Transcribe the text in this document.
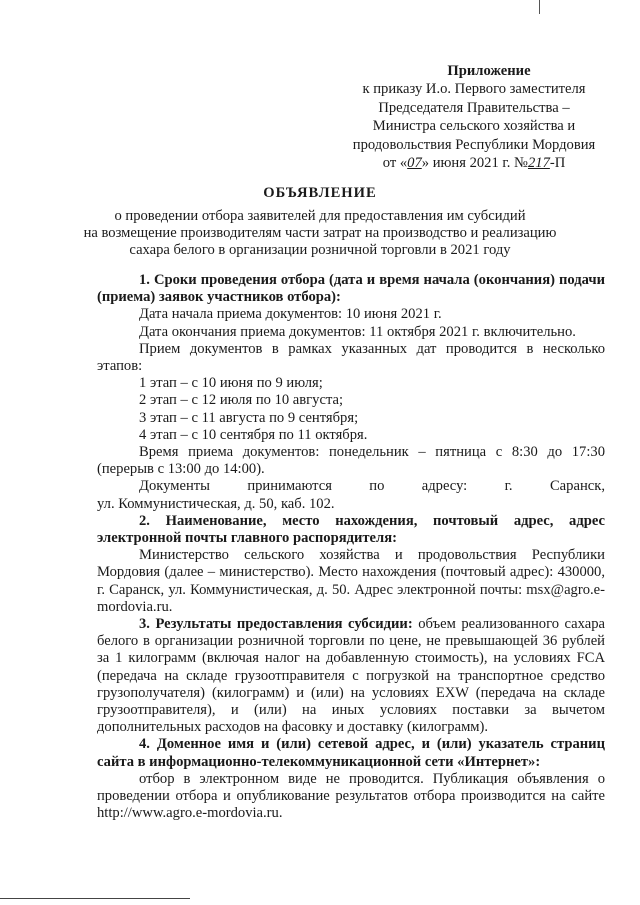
Приложение
к приказу И.о. Первого заместителя
Председателя Правительства –
Министра сельского хозяйства и
продовольствия Республики Мордовия
от «07» июня 2021 г. №217-П
ОБЪЯВЛЕНИЕ
о проведении отбора заявителей для предоставления им субсидий
на возмещение производителям части затрат на производство и реализацию
сахара белого в организации розничной торговли в 2021 году

1. Сроки проведения отбора (дата и время начала (окончания) подачи (приема) заявок участников отбора):

Дата начала приема документов: 10 июня 2021 г.

Дата окончания приема документов: 11 октября 2021 г. включительно.

Прием документов в рамках указанных дат проводится в несколько этапов:

1 этап – с 10 июня по 9 июля;

2 этап – с 12 июля по 10 августа;

3 этап – с 11 августа по 9 сентября;

4 этап – с 10 сентября по 11 октября.

Время приема документов: понедельник – пятница с 8:30 до 17:30 (перерыв с 13:00 до 14:00).

Документы	принимаются	по	адресу:	г.	Саранск,

ул. Коммунистическая, д. 50, каб. 102.

2. Наименование, место нахождения, почтовый адрес, адрес электронной почты главного распорядителя:

Министерство сельского хозяйства и продовольствия Республики Мордовия (далее – министерство). Место нахождения (почтовый адрес): 430000, г. Саранск, ул. Коммунистическая, д. 50. Адрес электронной почты: msx@agro.e-mordovia.ru.

3. Результаты предоставления субсидии: объем реализованного сахара белого в организации розничной торговли по цене, не превышающей 36 рублей за 1 килограмм (включая налог на добавленную стоимость), на условиях FCA (передача на складе грузоотправителя с погрузкой на транспортное средство грузополучателя) (килограмм) и (или) на условиях EXW (передача на складе грузоотправителя), и (или) на иных условиях поставки за вычетом дополнительных расходов на фасовку и доставку (килограмм).

4. Доменное имя и (или) сетевой адрес, и (или) указатель страниц сайта в информационно-телекоммуникационной сети «Интернет»:

отбор в электронном виде не проводится. Публикация объявления о проведении отбора и опубликование результатов отбора производится на сайте http://www.agro.e-mordovia.ru.
